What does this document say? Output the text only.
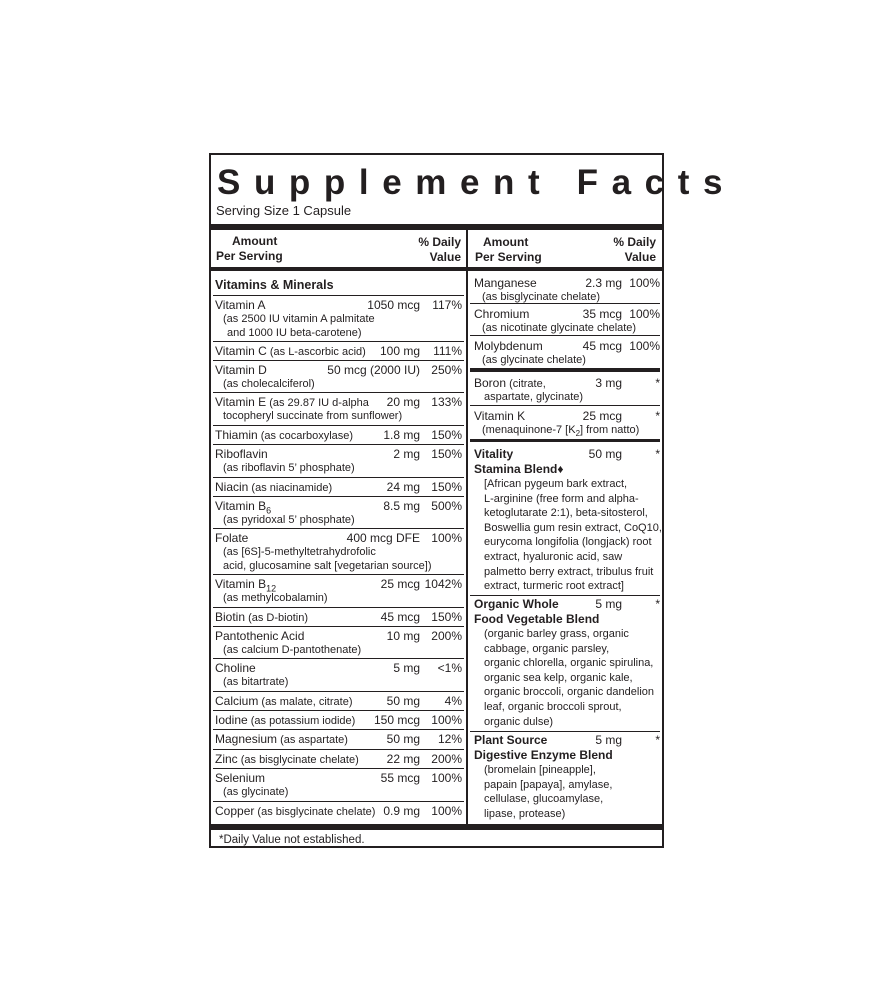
Supplement Facts
Serving Size 1 Capsule
Amount
Per Serving
% Daily
Value
Amount
Per Serving
% Daily
Value
Vitamins & Minerals
Vitamin A	1050 mcg 117%
(as 2500 IU vitamin A palmitate
and 1000 IU beta-carotene)
Vitamin C (as L-ascorbic acid) 100 mg 111%
Vitamin D	50 mcg (2000 IU) 250%
(as cholecalciferol)
Vitamin E (as 29.87 IU d-alpha 20 mg 133%
tocopheryl succinate from sunflower)
Thiamin (as cocarboxylase)	1.8 mg 150%
Riboflavin	2 mg 150%
(as riboflavin 5’ phosphate)
Niacin (as niacinamide)	24 mg 150%
Vitamin $B_6$	8.5 mg 500%
(as pyridoxal 5’ phosphate)
Folate	400 mcg DFE 100%
(as [6S]-5-methyltetrahydrofolic
acid, glucosamine salt [vegetarian source])
Vitamin $B_{12}$	25 mcg 1042%
(as methylcobalamin)
Biotin (as D-biotin)	45 mcg 150%
Pantothenic Acid	10 mg 200%
(as calcium D-pantothenate)
Choline	5 mg <1%
(as bitartrate)
Calcium (as malate, citrate)	50 mg 4%
Iodine (as potassium iodide) 150 mcg 100%
Magnesium (as aspartate)	50 mg 12%
Zinc (as bisglycinate chelate) 22 mg 200%
Selenium	55 mcg 100%
(as glycinate)
Copper (as bisglycinate chelate) 0.9 mg 100%
Manganese	2.3 mg 100%
(as bisglycinate chelate)
Chromium	35 mcg 100%
(as nicotinate glycinate chelate)
Molybdenum	45 mcg 100%
(as glycinate chelate)
Boron (citrate,	3 mg	*
aspartate, glycinate)
Vitamin K	25 mcg	*
(menaquinone-7 $[K_2]$ from natto)
Vitality
Stamina Blend♦
50 mg	*
[African pygeum bark extract,
L-arginine (free form and alpha-
ketoglutarate 2:1), beta-sitosterol,
Boswellia gum resin extract, CoQ10,
eurycoma longifolia (longjack) root
extract, hyaluronic acid, saw
palmetto berry extract, tribulus fruit
extract, turmeric root extract]
Organic Whole
Food Vegetable Blend
5 mg	*
(organic barley grass, organic
cabbage, organic parsley,
organic chlorella, organic spirulina,
organic sea kelp, organic kale,
organic broccoli, organic dandelion
leaf, organic broccoli sprout,
organic dulse)
Plant Source
Digestive Enzyme Blend
5 mg	*
(bromelain [pineapple],
papain [papaya], amylase,
cellulase, glucoamylase,
lipase, protease)
*Daily Value not established.
